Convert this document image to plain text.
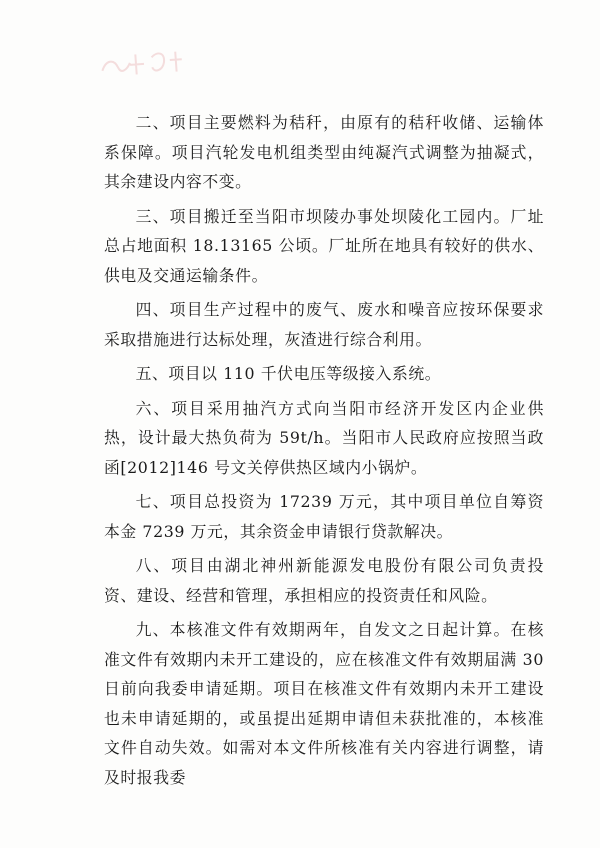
二、项目主要燃料为秸秆，由原有的秸秆收储、运输体系保障。项目汽轮发电机组类型由纯凝汽式调整为抽凝式，其余建设内容不变。

三、项目搬迁至当阳市坝陵办事处坝陵化工园内。厂址总占地面积 18.13165 公顷。厂址所在地具有较好的供水、供电及交通运输条件。

四、项目生产过程中的废气、废水和噪音应按环保要求采取措施进行达标处理，灰渣进行综合利用。

五、项目以 110 千伏电压等级接入系统。

六、项目采用抽汽方式向当阳市经济开发区内企业供热，设计最大热负荷为 59t/h。当阳市人民政府应按照当政函[2012]146 号文关停供热区域内小锅炉。

七、项目总投资为 17239 万元，其中项目单位自筹资本金 7239 万元，其余资金申请银行贷款解决。

八、项目由湖北神州新能源发电股份有限公司负责投资、建设、经营和管理，承担相应的投资责任和风险。

九、本核准文件有效期两年，自发文之日起计算。在核准文件有效期内未开工建设的，应在核准文件有效期届满 30 日前向我委申请延期。项目在核准文件有效期内未开工建设也未申请延期的，或虽提出延期申请但未获批准的，本核准文件自动失效。如需对本文件所核准有关内容进行调整，请及时报我委
